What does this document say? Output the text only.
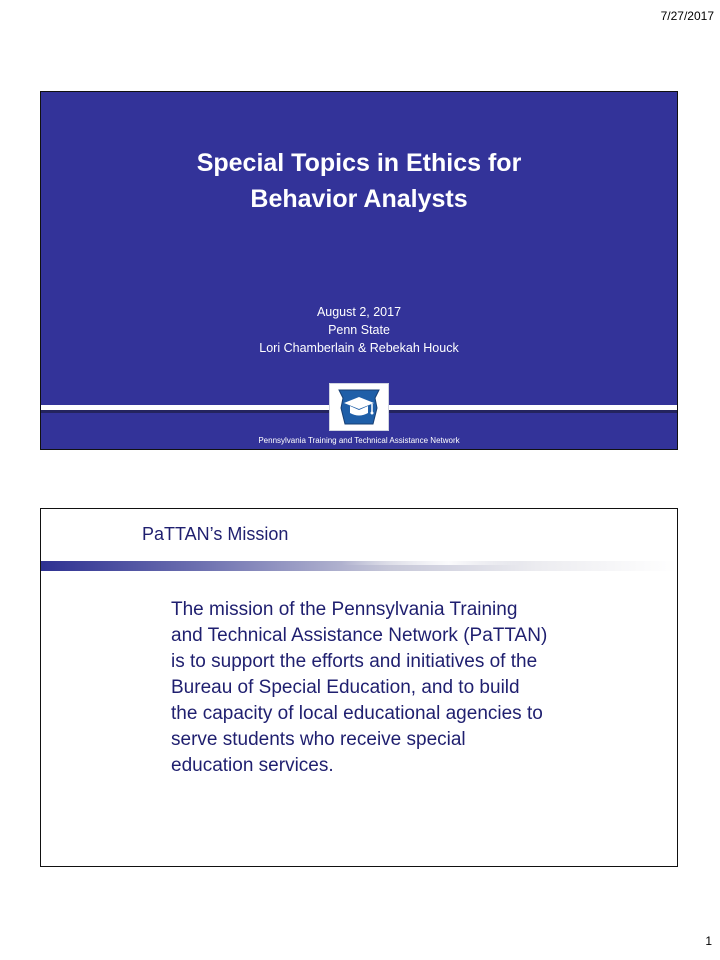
7/27/2017
Special Topics in Ethics for
Behavior Analysts
August 2, 2017
Penn State
Lori Chamberlain & Rebekah Houck
Pennsylvania Training and Technical Assistance Network
PaTTAN’s Mission
The mission of the Pennsylvania Training and Technical Assistance Network (PaTTAN) is to support the efforts and initiatives of the Bureau of Special Education, and to build the capacity of local educational agencies to serve students who receive special education services.
1
